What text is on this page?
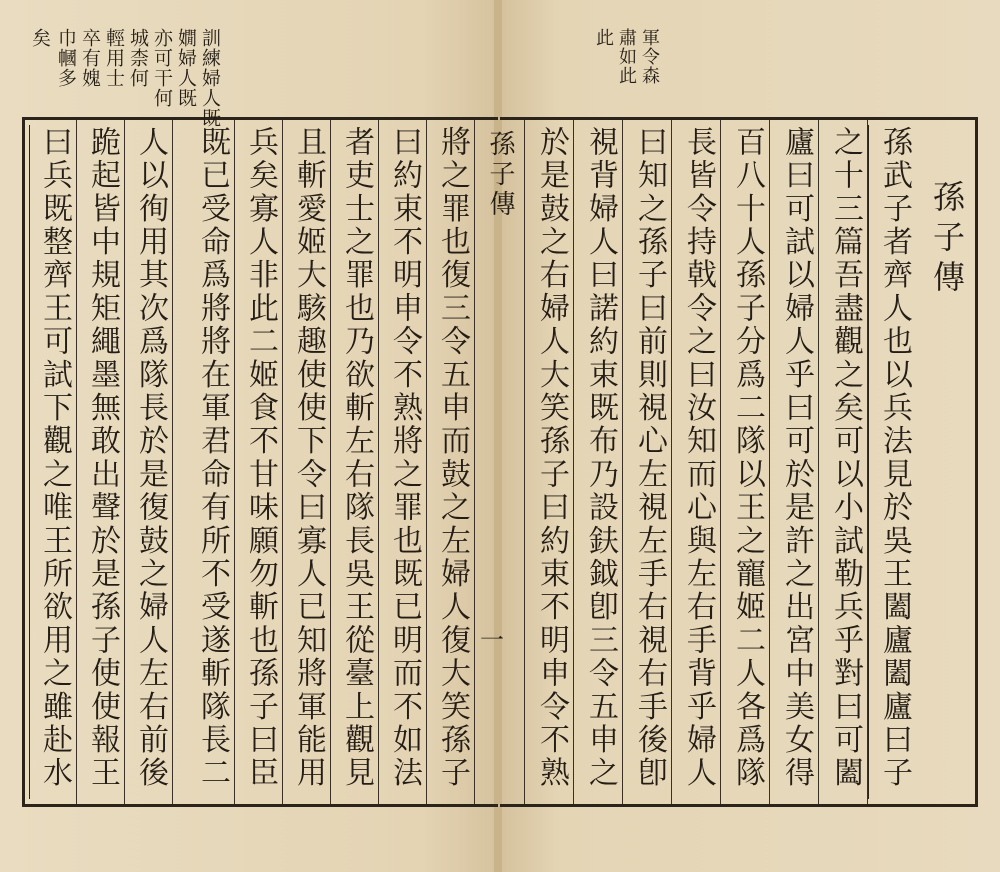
軍令森
肅如此
此
訓練婦人既
嫺婦人既
亦可干何
城柰何
輕用士
卒有媿
巾幗多
矣
孫子傳
孫子傳
一	孫武子者齊人也以兵法見於吳王闔廬闔廬曰子
之十三篇吾盡觀之矣可以小試勒兵乎對曰可闔
廬曰可試以婦人乎曰可於是許之出宮中美女得
百八十人孫子分爲二隊以王之寵姬二人各爲隊
長皆令持戟令之曰汝知而心與左右手背乎婦人
曰知之孫子曰前則視心左視左手右視右手後卽
視背婦人曰諾約束既布乃設鈇鉞卽三令五申之
於是鼓之右婦人大笑孫子曰約束不明申令不熟
將之罪也復三令五申而鼓之左婦人復大笑孫子
曰約束不明申令不熟將之罪也既已明而不如法
者吏士之罪也乃欲斬左右隊長吳王從臺上觀見
且斬愛姬大駭趣使使下令曰寡人已知將軍能用
兵矣寡人非此二姬食不甘味願勿斬也孫子曰臣
既已受命爲將將在軍君命有所不受遂斬隊長二
人以徇用其次爲隊長於是復鼓之婦人左右前後
跪起皆中規矩繩墨無敢出聲於是孫子使使報王
曰兵既整齊王可試下觀之唯王所欲用之雖赴水
